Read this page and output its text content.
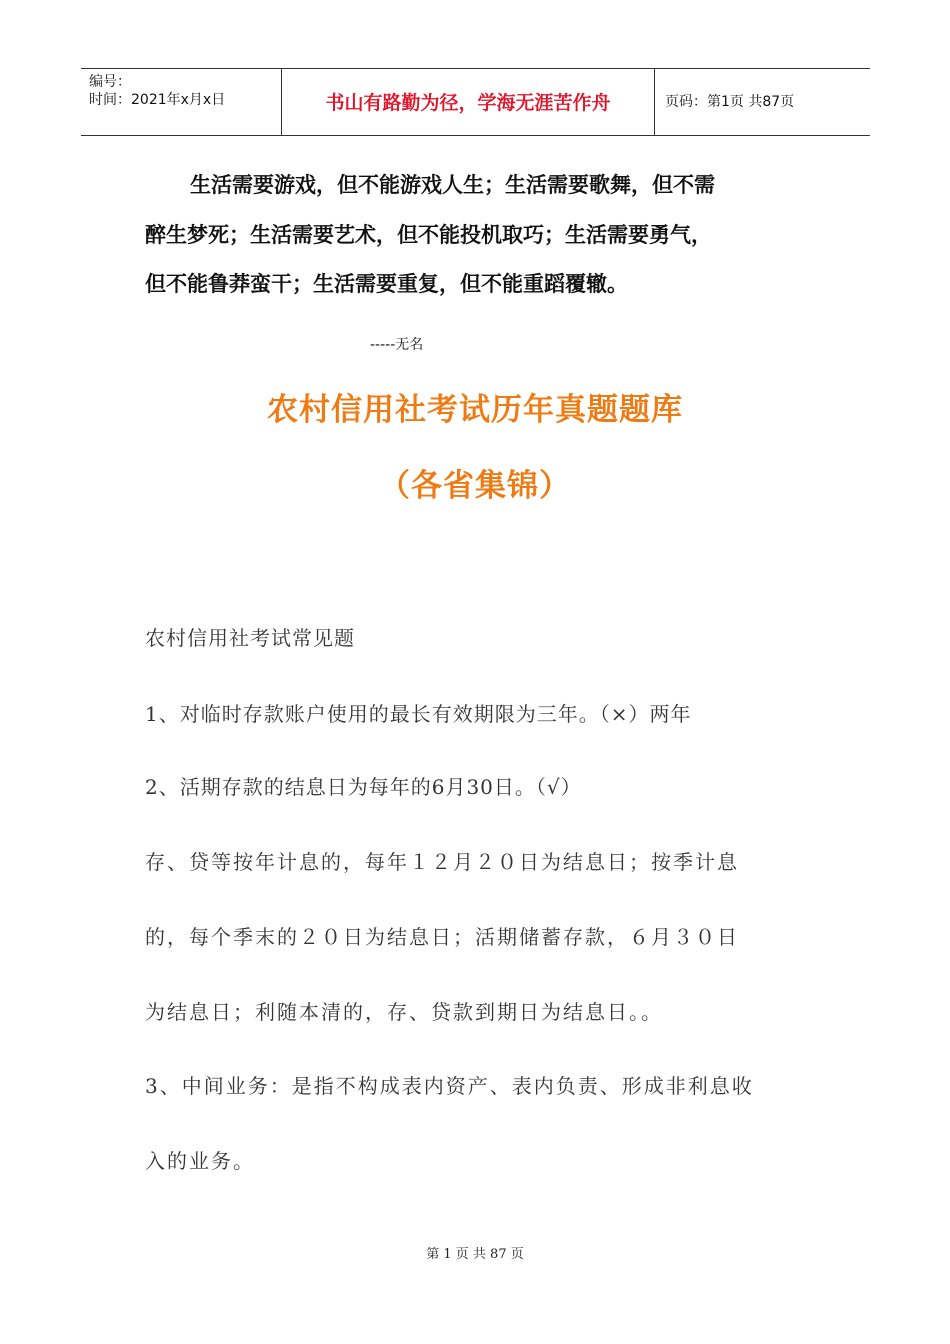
编号：
时间：2021年x月x日	书山有路勤为径，学海无涯苦作舟	页码：第1页 共87页
生活需要游戏，但不能游戏人生；生活需要歌舞，但不需
醉生梦死；生活需要艺术，但不能投机取巧；生活需要勇气，
但不能鲁莽蛮干；生活需要重复，但不能重蹈覆辙。
-----无名
农村信用社考试历年真题题库
（各省集锦）
农村信用社考试常见题
1、对临时存款账户使用的最长有效期限为三年。（×）两年
2、活期存款的结息日为每年的6月30日。（√）
存、贷等按年计息的，每年１２月２０日为结息日；按季计息
的，每个季末的２０日为结息日；活期储蓄存款，６月３０日
为结息日；利随本清的，存、贷款到期日为结息日。。
3、中间业务：是指不构成表内资产、表内负责、形成非利息收
入的业务。
第 1 页 共 87 页
